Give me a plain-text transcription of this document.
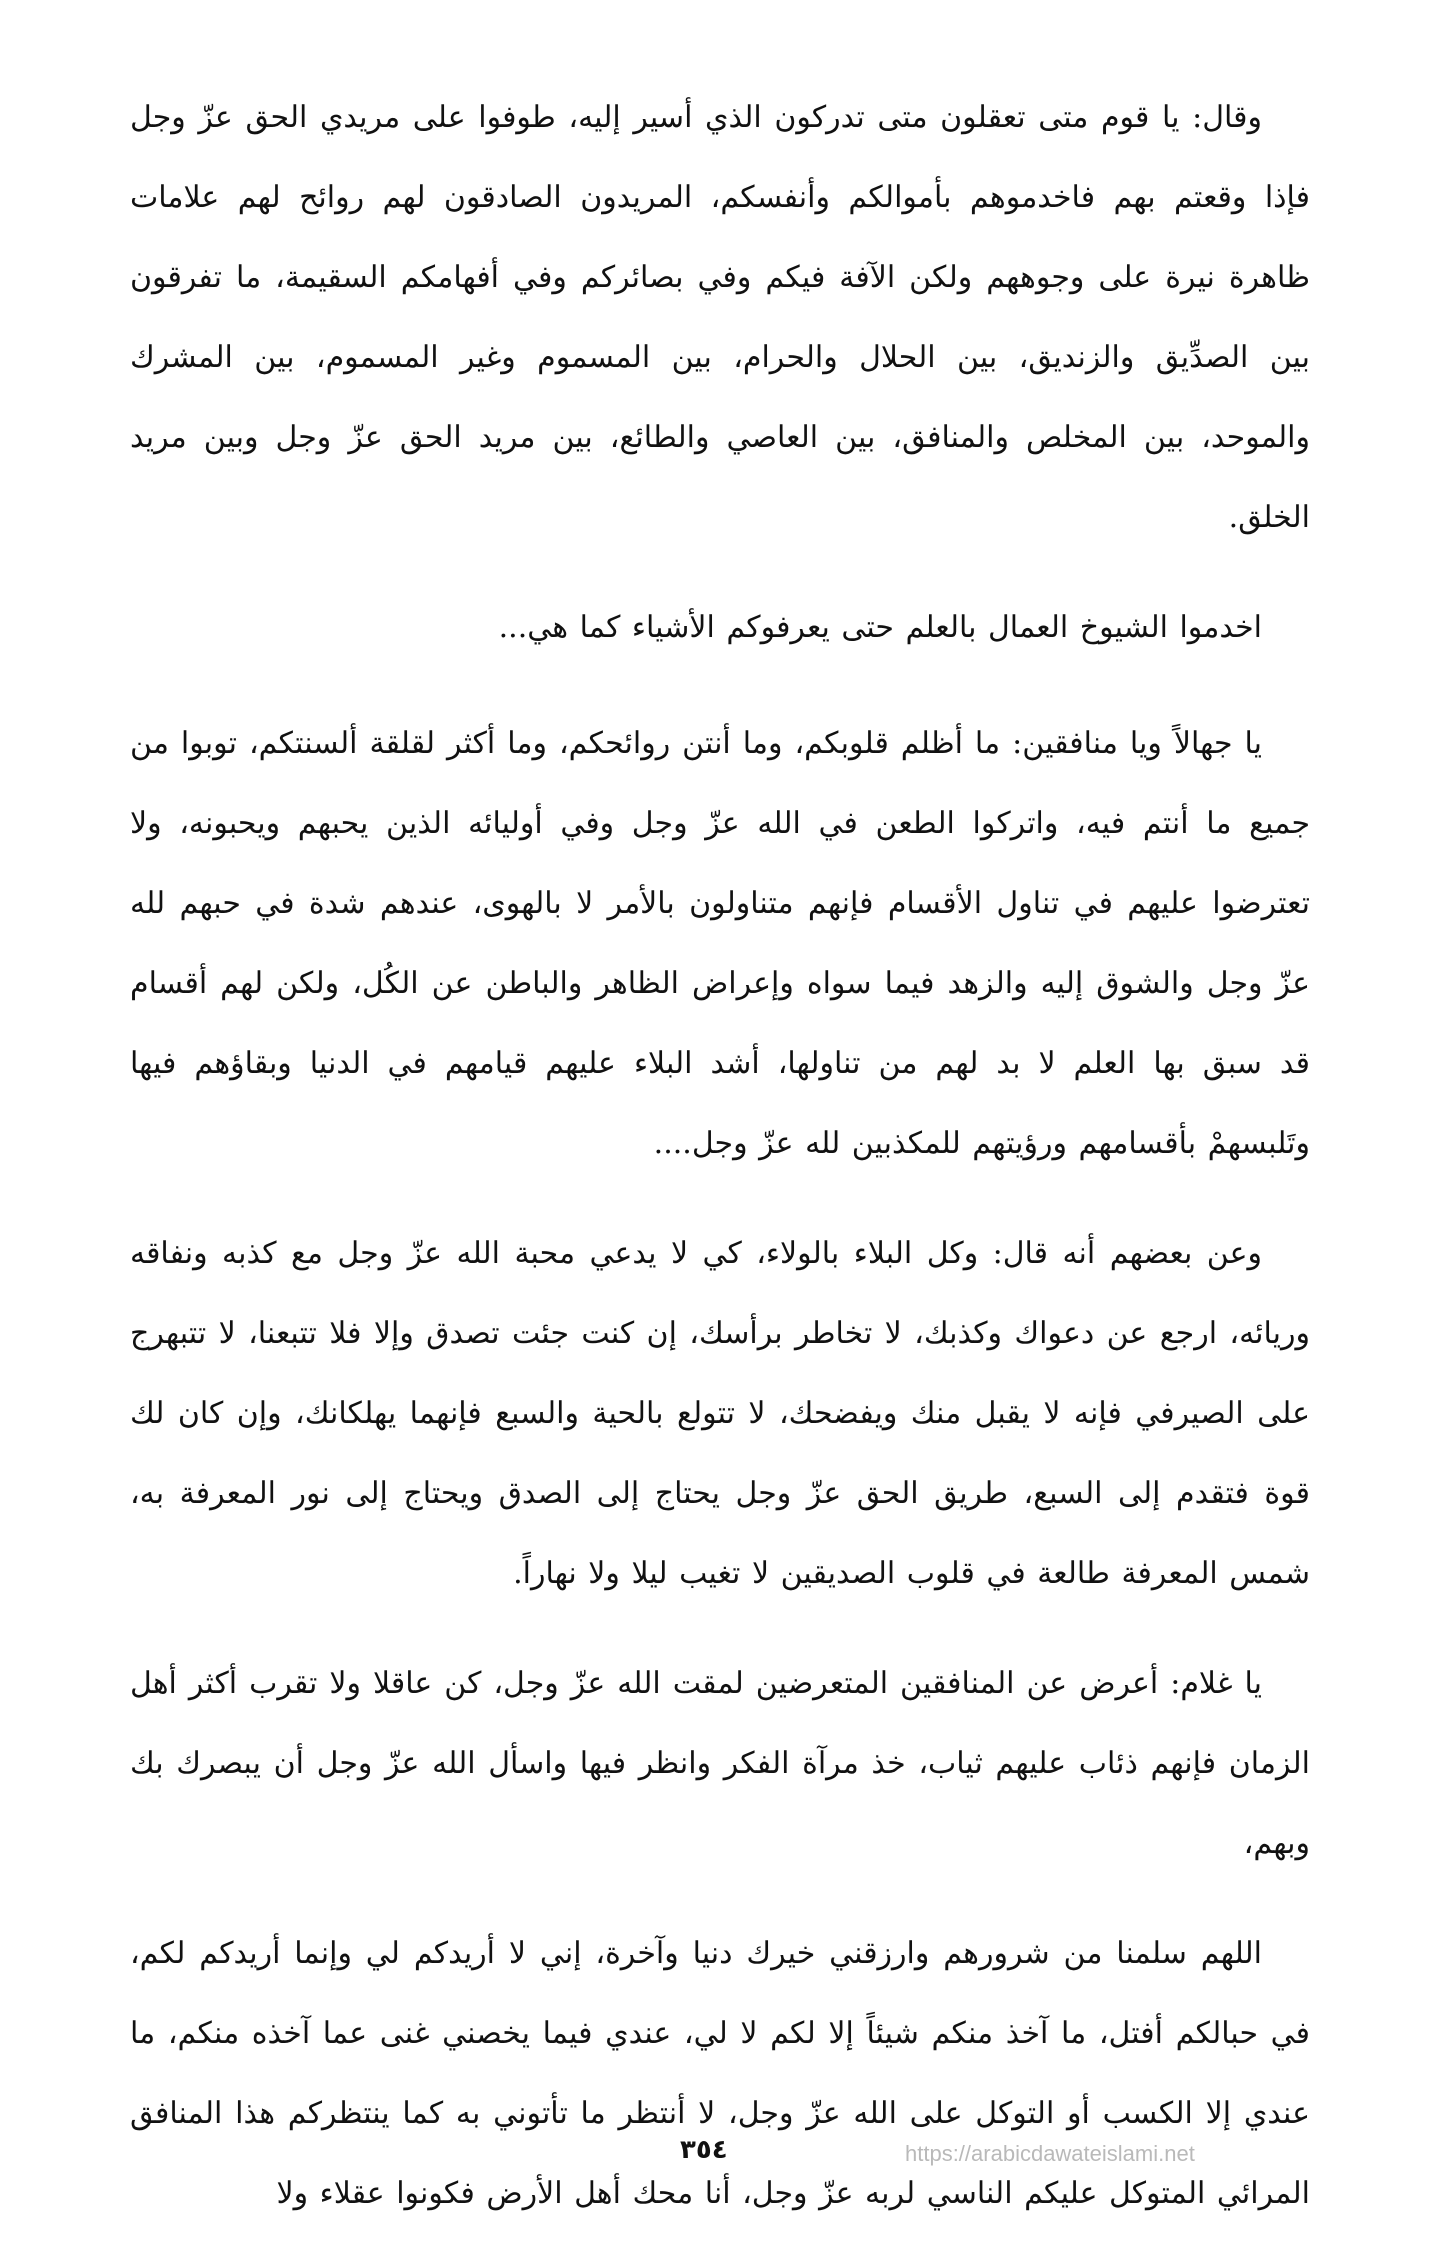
وقال: يا قوم متى تعقلون متى تدركون الذي أسير إليه، طوفوا على مريدي الحق عزّ وجل فإذا وقعتم بهم فاخدموهم بأموالكم وأنفسكم، المريدون الصادقون لهم روائح لهم علامات ظاهرة نيرة على وجوههم ولكن الآفة فيكم وفي بصائركم وفي أفهامكم السقيمة، ما تفرقون بين الصدِّيق والزنديق، بين الحلال والحرام، بين المسموم وغير المسموم، بين المشرك والموحد، بين المخلص والمنافق، بين العاصي والطائع، بين مريد الحق عزّ وجل وبين مريد الخلق.

اخدموا الشيوخ العمال بالعلم حتى يعرفوكم الأشياء كما هي...

يا جهالاً ويا منافقين: ما أظلم قلوبكم، وما أنتن روائحكم، وما أكثر لقلقة ألسنتكم، توبوا من جميع ما أنتم فيه، واتركوا الطعن في الله عزّ وجل وفي أوليائه الذين يحبهم ويحبونه، ولا تعترضوا عليهم في تناول الأقسام فإنهم متناولون بالأمر لا بالهوى، عندهم شدة في حبهم لله عزّ وجل والشوق إليه والزهد فيما سواه وإعراض الظاهر والباطن عن الكُل، ولكن لهم أقسام قد سبق بها العلم لا بد لهم من تناولها، أشد البلاء عليهم قيامهم في الدنيا وبقاؤهم فيها وتَلبسهمْ بأقسامهم ورؤيتهم للمكذبين لله عزّ وجل....

وعن بعضهم أنه قال: وكل البلاء بالولاء، كي لا يدعي محبة الله عزّ وجل مع كذبه ونفاقه وريائه، ارجع عن دعواك وكذبك، لا تخاطر برأسك، إن كنت جئت تصدق وإلا فلا تتبعنا، لا تتبهرج على الصيرفي فإنه لا يقبل منك ويفضحك، لا تتولع بالحية والسبع فإنهما يهلكانك، وإن كان لك قوة فتقدم إلى السبع، طريق الحق عزّ وجل يحتاج إلى الصدق ويحتاج إلى نور المعرفة به، شمس المعرفة طالعة في قلوب الصديقين لا تغيب ليلا ولا نهاراً.

يا غلام: أعرض عن المنافقين المتعرضين لمقت الله عزّ وجل، كن عاقلا ولا تقرب أكثر أهل الزمان فإنهم ذئاب عليهم ثياب، خذ مرآة الفكر وانظر فيها واسأل الله عزّ وجل أن يبصرك بك وبهم،

اللهم سلمنا من شرورهم وارزقني خيرك دنيا وآخرة، إني لا أريدكم لي وإنما أريدكم لكم، في حبالكم أفتل، ما آخذ منكم شيئاً إلا لكم لا لي، عندي فيما يخصني غنى عما آخذه منكم، ما عندي إلا الكسب أو التوكل على الله عزّ وجل، لا أنتظر ما تأتوني به كما ينتظركم هذا المنافق المرائي المتوكل عليكم الناسي لربه عزّ وجل، أنا محك أهل الأرض فكونوا عقلاء ولا

٣٥٤	https://arabicdawateislami.net
